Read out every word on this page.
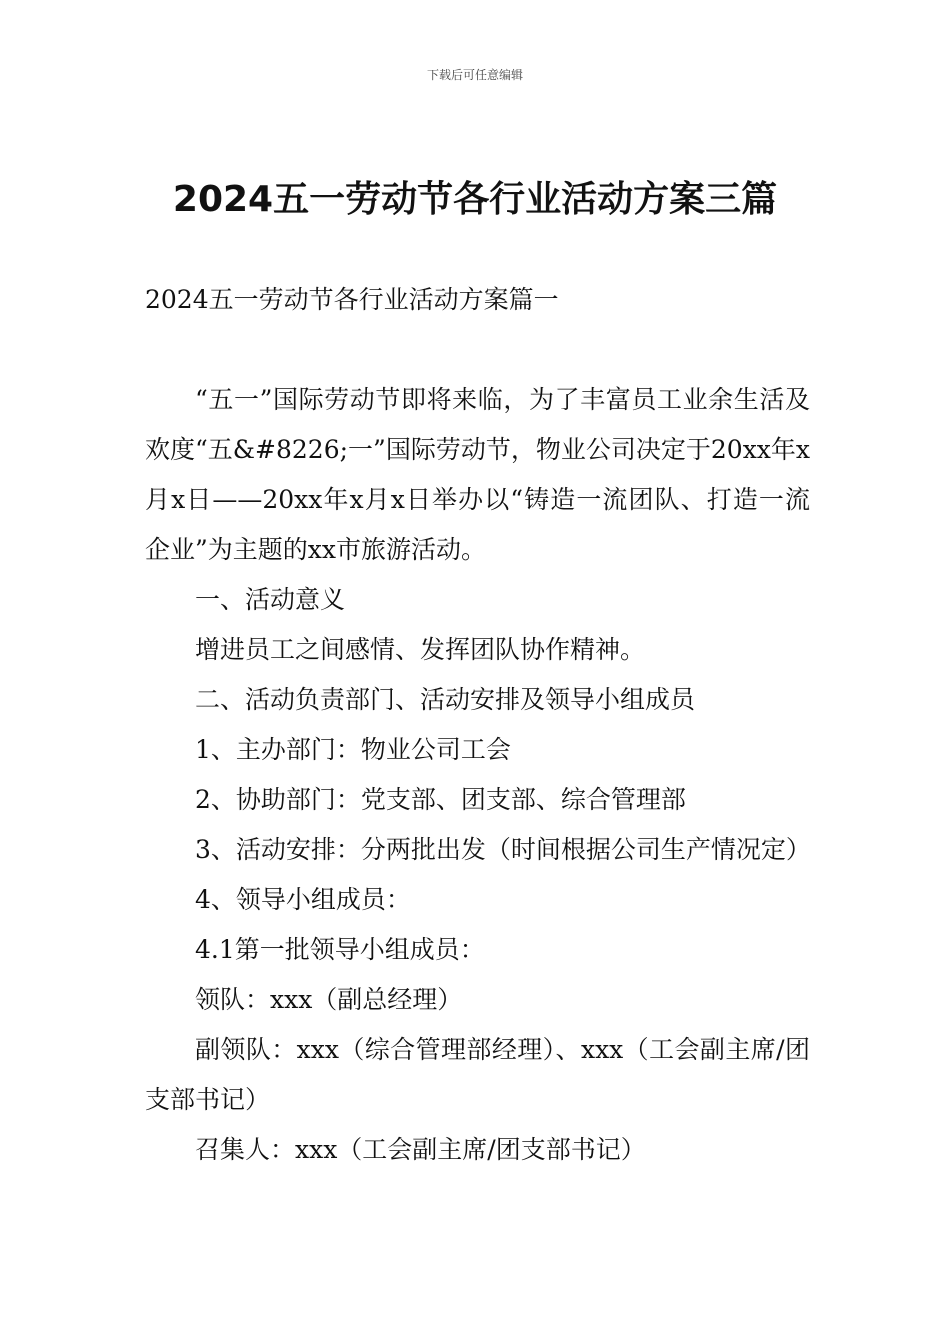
下载后可任意编辑
2024五一劳动节各行业活动方案三篇
2024五一劳动节各行业活动方案篇一

“五一”国际劳动节即将来临，为了丰富员工业余生活及欢度“五&#8226;一”国际劳动节，物业公司决定于20xx年x月x日——20xx年x月x日举办以“铸造一流团队、打造一流企业”为主题的xx市旅游活动。

一、活动意义

增进员工之间感情、发挥团队协作精神。

二、活动负责部门、活动安排及领导小组成员

1、主办部门：物业公司工会

2、协助部门：党支部、团支部、综合管理部

3、活动安排：分两批出发（时间根据公司生产情况定）

4、领导小组成员：

4.1第一批领导小组成员：

领队：xxx（副总经理）

副领队：xxx（综合管理部经理）、xxx（工会副主席/团支部书记）

召集人：xxx（工会副主席/团支部书记）
